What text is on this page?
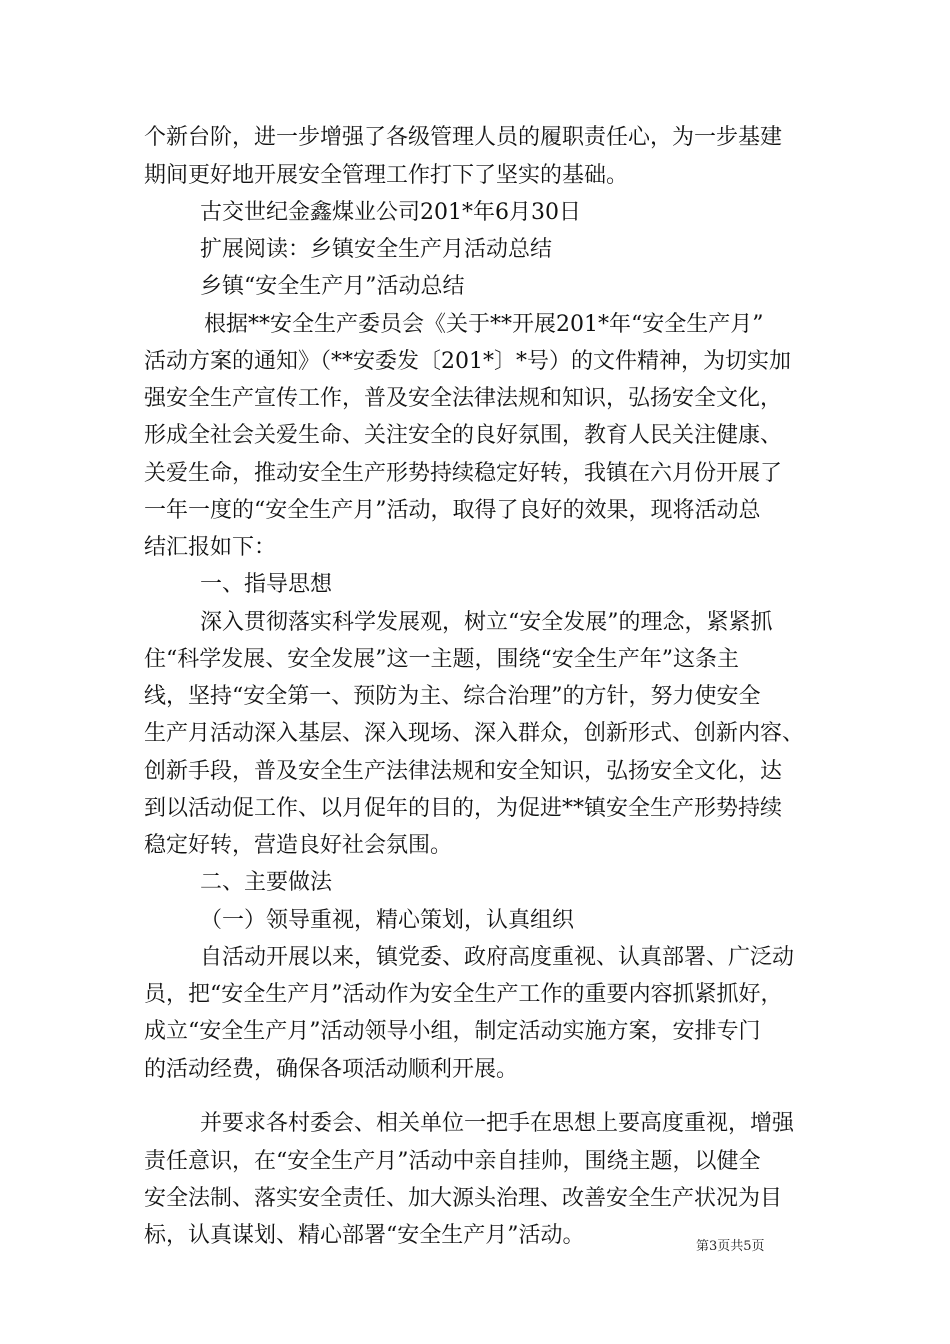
个新台阶，进一步增强了各级管理人员的履职责任心，为一步基建
期间更好地开展安全管理工作打下了坚实的基础。
古交世纪金鑫煤业公司201*年6月30日
扩展阅读：乡镇安全生产月活动总结
乡镇“安全生产月”活动总结
根据**安全生产委员会《关于**开展201*年“安全生产月”
活动方案的通知》（**安委发〔201*〕*号）的文件精神，为切实加
强安全生产宣传工作，普及安全法律法规和知识，弘扬安全文化，
形成全社会关爱生命、关注安全的良好氛围，教育人民关注健康、
关爱生命，推动安全生产形势持续稳定好转，我镇在六月份开展了
一年一度的“安全生产月”活动，取得了良好的效果，现将活动总
结汇报如下：
一、指导思想
深入贯彻落实科学发展观，树立“安全发展”的理念，紧紧抓
住“科学发展、安全发展”这一主题，围绕“安全生产年”这条主
线，坚持“安全第一、预防为主、综合治理”的方针，努力使安全
生产月活动深入基层、深入现场、深入群众，创新形式、创新内容、
创新手段，普及安全生产法律法规和安全知识，弘扬安全文化，达
到以活动促工作、以月促年的目的，为促进**镇安全生产形势持续
稳定好转，营造良好社会氛围。
二、主要做法
（一）领导重视，精心策划，认真组织
自活动开展以来，镇党委、政府高度重视、认真部署、广泛动
员，把“安全生产月”活动作为安全生产工作的重要内容抓紧抓好，
成立“安全生产月”活动领导小组，制定活动实施方案，安排专门
的活动经费，确保各项活动顺利开展。
并要求各村委会、相关单位一把手在思想上要高度重视，增强
责任意识，在“安全生产月”活动中亲自挂帅，围绕主题，以健全
安全法制、落实安全责任、加大源头治理、改善安全生产状况为目
标，认真谋划、精心部署“安全生产月”活动。	第3页共5页
